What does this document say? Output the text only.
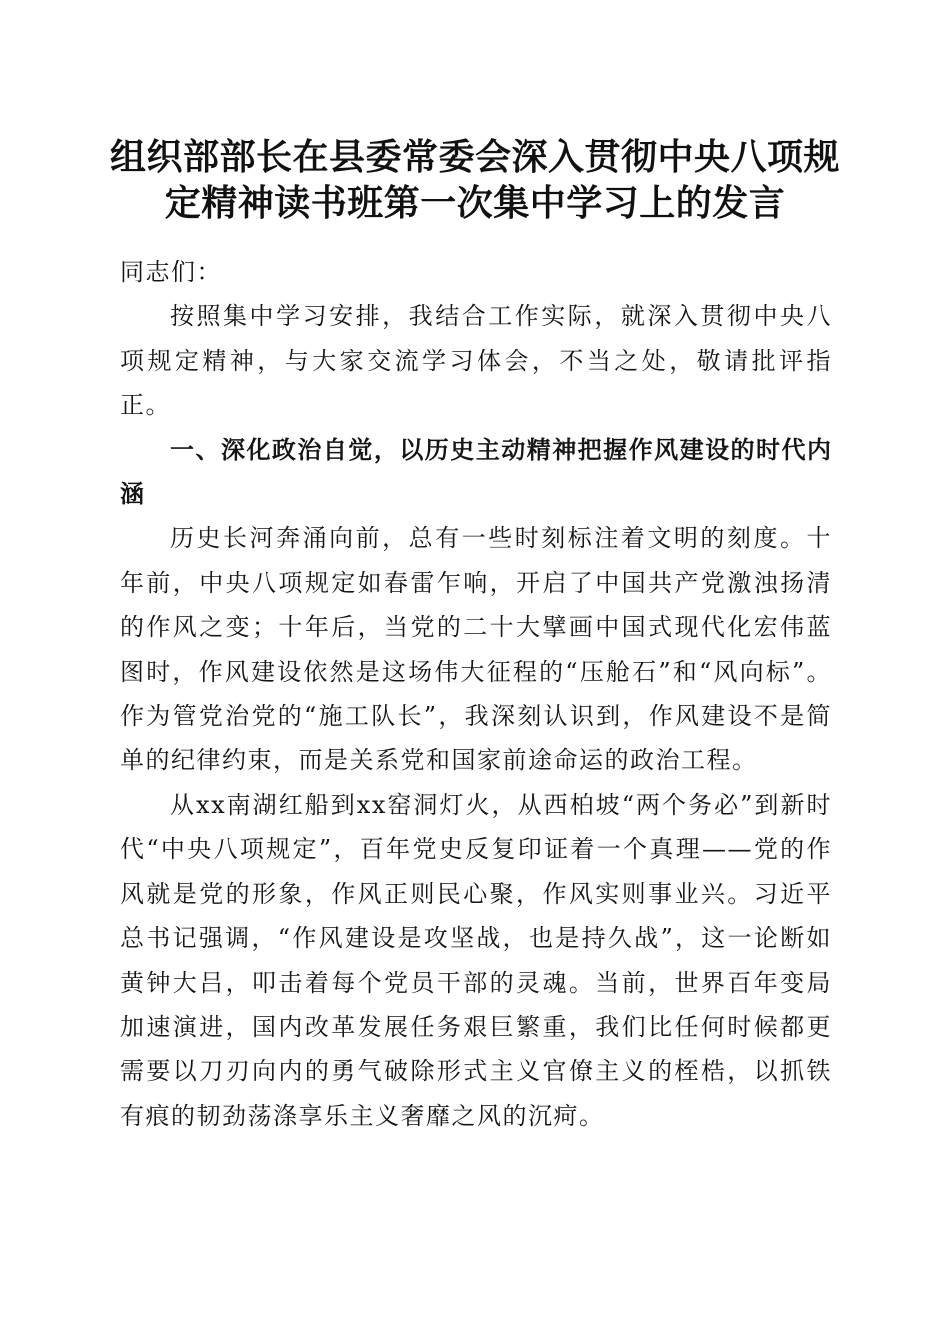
组织部部长在县委常委会深入贯彻中央八项规
定精神读书班第一次集中学习上的发言

同志们：

按照集中学习安排，我结合工作实际，就深入贯彻中央八项规定精神，与大家交流学习体会，不当之处，敬请批评指正。

一、深化政治自觉，以历史主动精神把握作风建设的时代内涵

历史长河奔涌向前，总有一些时刻标注着文明的刻度。十年前，中央八项规定如春雷乍响，开启了中国共产党激浊扬清的作风之变；十年后，当党的二十大擘画中国式现代化宏伟蓝图时，作风建设依然是这场伟大征程的“压舱石”和“风向标”。作为管党治党的“施工队长”，我深刻认识到，作风建设不是简单的纪律约束，而是关系党和国家前途命运的政治工程。

从xx南湖红船到xx窑洞灯火，从西柏坡“两个务必”到新时代“中央八项规定”，百年党史反复印证着一个真理——党的作风就是党的形象，作风正则民心聚，作风实则事业兴。习近平总书记强调，“作风建设是攻坚战，也是持久战”，这一论断如黄钟大吕，叩击着每个党员干部的灵魂。当前，世界百年变局加速演进，国内改革发展任务艰巨繁重，我们比任何时候都更需要以刀刃向内的勇气破除形式主义官僚主义的桎梏，以抓铁有痕的韧劲荡涤享乐主义奢靡之风的沉疴。
